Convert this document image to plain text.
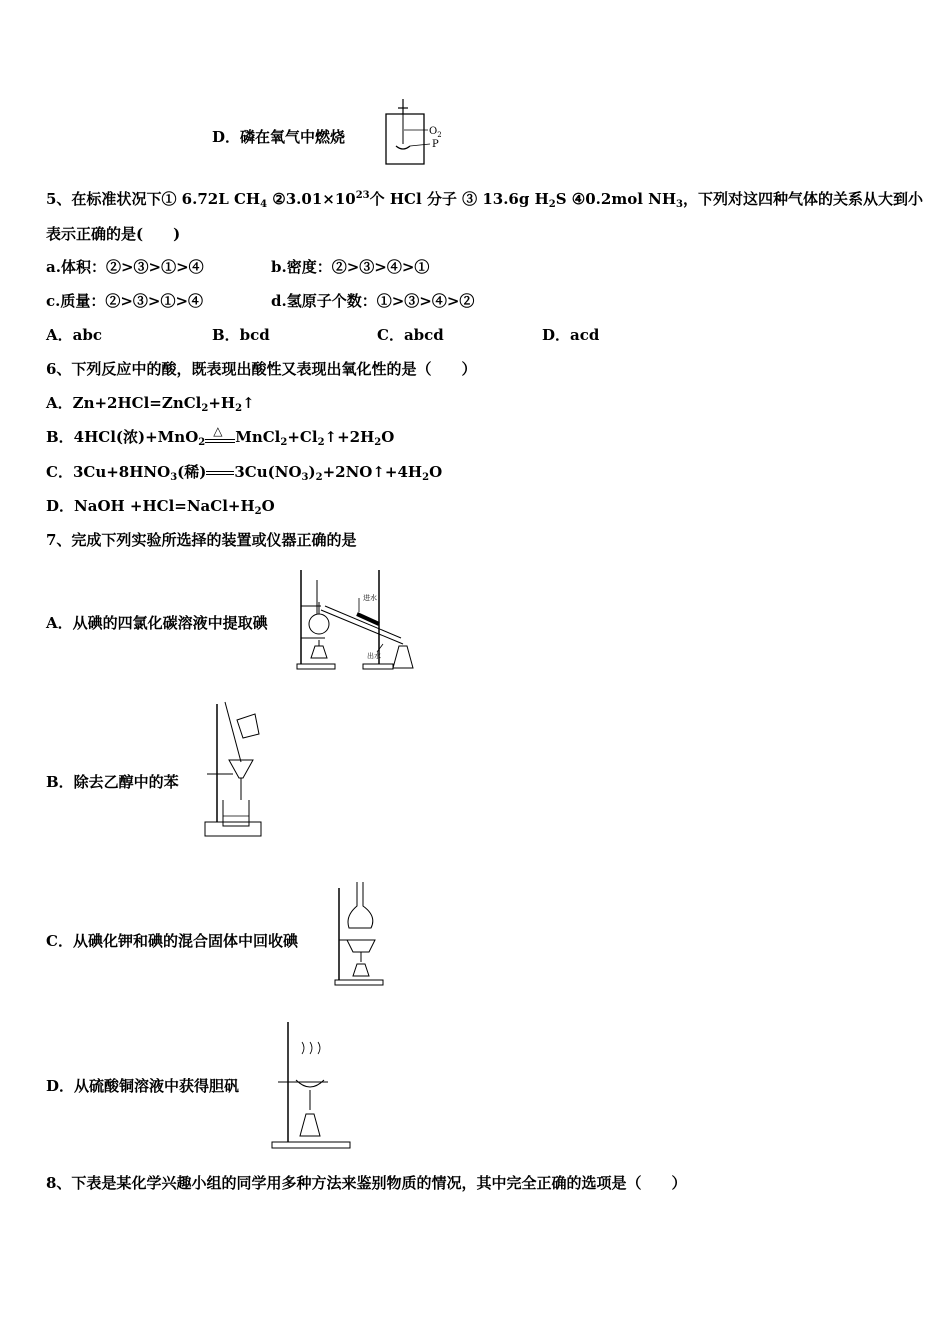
D．磷在氧气中燃烧	$O_2$
P
5、在标准状况下① 6.72L $CH_4$ $②3.01\times 10^{23}$个 HCl 分子 ③ 13.6g $H_2S$ ④0.2mol $NH_3$，下列对这四种气体的关系从大到小
表示正确的是(　　)
a.体积：②>③>①>④	b.密度：②>③>④>①
c.质量：②>③>①>④	d.氢原子个数：①>③>④>②
A．abc	B．bcd	C．abcd	D．acd
6、下列反应中的酸，既表现出酸性又表现出氧化性的是（　　）
A．$Zn+2HCl=ZnCl_2+H_2↑$
B．4HCl(浓)+MnO$_2$
△ $MnCl_2+Cl_2↑+2H_2O$
C．$3Cu+8HNO_3$(稀) $3Cu(NO_3)_2+2NO↑+4H_2O$
D．NaOH $+HCl=NaCl+H_2O$
7、完成下列实验所选择的装置或仪器正确的是
A．从碘的四氯化碳溶液中提取碘
进水
出水
B．除去乙醇中的苯
C．从碘化钾和碘的混合固体中回收碘
D．从硫酸铜溶液中获得胆矾
8、下表是某化学兴趣小组的同学用多种方法来鉴别物质的情况，其中完全正确的选项是（　　）
